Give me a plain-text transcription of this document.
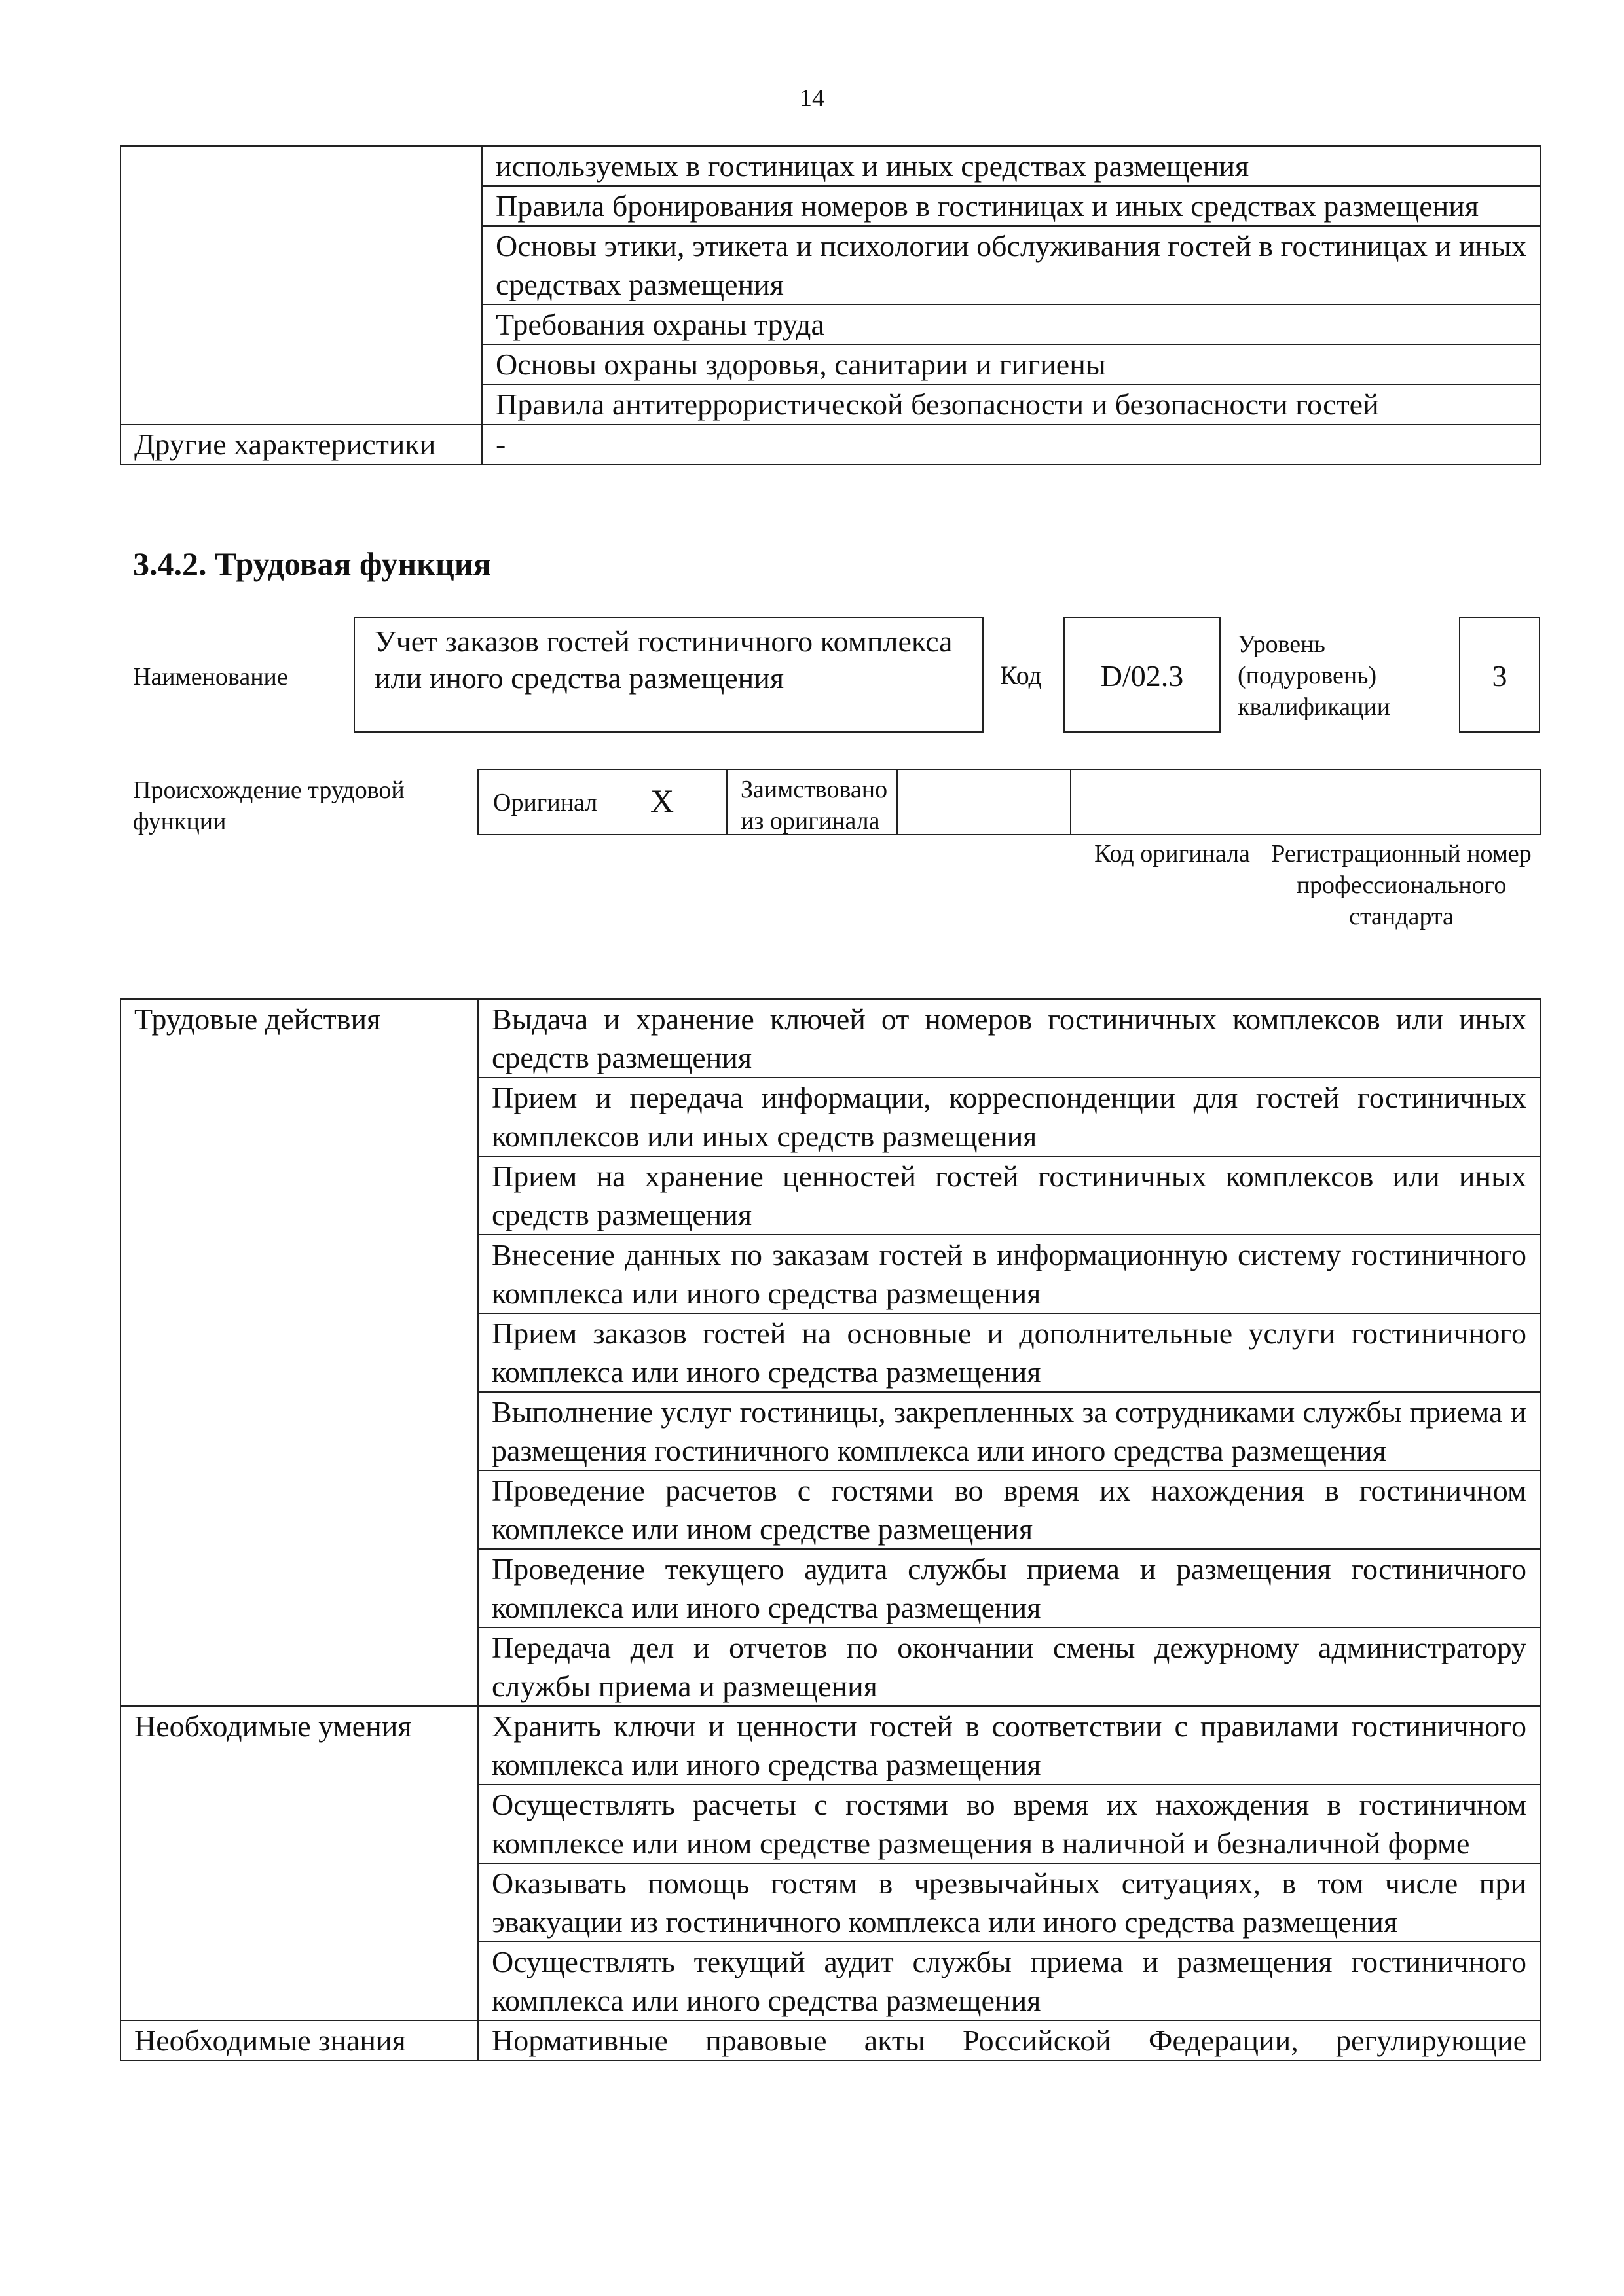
14
	используемых в гостиницах и иных средствах размещения
	Правила бронирования номеров в гостиницах и иных средствах размещения
	Основы этики, этикета и психологии обслуживания гостей в гостиницах и иных средствах размещения
	Требования охраны труда
	Основы охраны здоровья, санитарии и гигиены
	Правила антитеррористической безопасности и безопасности гостей
Другие характеристики	-
3.4.2. Трудовая функция
Наименование
Учет заказов гостей гостиничного комплекса или иного средства размещения	Код	D/02.3
Уровень (подуровень) квалификации
3
Происхождение трудовой функции
Оригинал X	Заимствовано из оригинала
Код оригинала Регистрационный номер профессионального стандарта
Трудовые действия	Выдача и хранение ключей от номеров гостиничных комплексов или иных средств размещения
	Прием и передача информации, корреспонденции для гостей гостиничных комплексов или иных средств размещения
	Прием на хранение ценностей гостей гостиничных комплексов или иных средств размещения
	Внесение данных по заказам гостей в информационную систему гостиничного комплекса или иного средства размещения
	Прием заказов гостей на основные и дополнительные услуги гостиничного комплекса или иного средства размещения
	Выполнение услуг гостиницы, закрепленных за сотрудниками службы приема и размещения гостиничного комплекса или иного средства размещения
	Проведение расчетов с гостями во время их нахождения в гостиничном комплексе или ином средстве размещения
	Проведение текущего аудита службы приема и размещения гостиничного комплекса или иного средства размещения
	Передача дел и отчетов по окончании смены дежурному администратору службы приема и размещения
Необходимые умения	Хранить ключи и ценности гостей в соответствии с правилами гостиничного комплекса или иного средства размещения
	Осуществлять расчеты с гостями во время их нахождения в гостиничном комплексе или ином средстве размещения в наличной и безналичной форме
	Оказывать помощь гостям в чрезвычайных ситуациях, в том числе при эвакуации из гостиничного комплекса или иного средства размещения
	Осуществлять текущий аудит службы приема и размещения гостиничного комплекса или иного средства размещения
Необходимые знания	Нормативные правовые акты Российской Федерации, регулирующие
